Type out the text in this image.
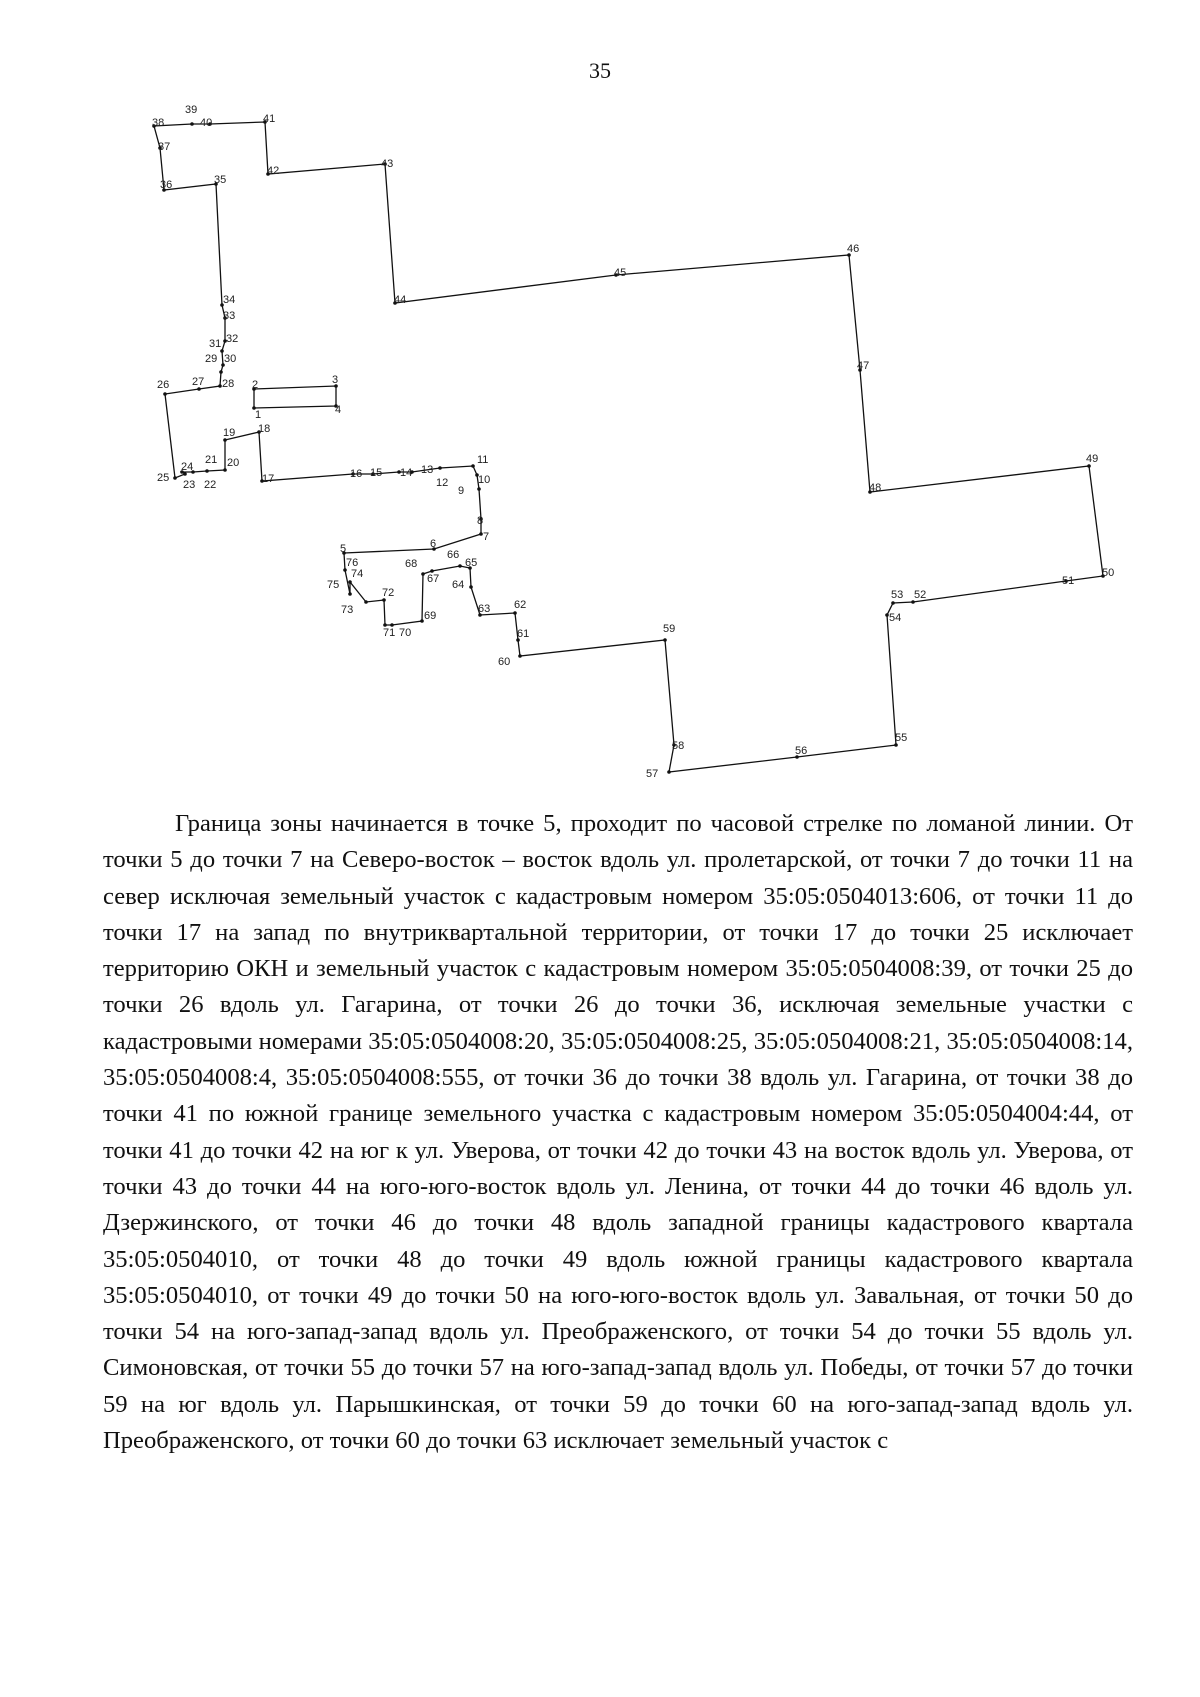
35
1
2	3
4
5	6
7
8
9
10
11
12
13
14
15
16
17
18
19
20
21
22
23
24
25
26 27 28
29 30
31 32
33
34
35
36
37
38
39
40	41
42
43
44
45
46
47
48
49
50
51
52
53
54
55
56
57
58
59
60
61
62
63
64
65
66
67
68
69
70
71
72
73
74
75
76

Граница зоны начинается в точке 5, проходит по часовой стрелке по ломаной линии. От точки 5 до точки 7 на Северо-восток – восток вдоль ул. пролетарской, от точки 7 до точки 11 на север исключая земельный участок с кадастровым номером 35:05:0504013:606, от точки 11 до точки 17 на запад по внутриквартальной территории, от точки 17 до точки 25 исключает территорию ОКН и земельный участок с кадастровым номером 35:05:0504008:39, от точки 25 до точки 26 вдоль ул. Гагарина, от точки 26 до точки 36, исключая земельные участки с кадастровыми номерами 35:05:0504008:20, 35:05:0504008:25, 35:05:0504008:21, 35:05:0504008:14, 35:05:0504008:4, 35:05:0504008:555, от точки 36 до точки 38 вдоль ул. Гагарина, от точки 38 до точки 41 по южной границе земельного участка с кадастровым номером 35:05:0504004:44, от точки 41 до точки 42 на юг к ул. Уверова, от точки 42 до точки 43 на восток вдоль ул. Уверова, от точки 43 до точки 44 на юго-юго-восток вдоль ул. Ленина, от точки 44 до точки 46 вдоль ул. Дзержинского, от точки 46 до точки 48 вдоль западной границы кадастрового квартала 35:05:0504010, от точки 48 до точки 49 вдоль южной границы кадастрового квартала 35:05:0504010, от точки 49 до точки 50 на юго-юго-восток вдоль ул. Завальная, от точки 50 до точки 54 на юго-запад-запад вдоль ул. Преображенского, от точки 54 до точки 55 вдоль ул. Симоновская, от точки 55 до точки 57 на юго-запад-запад вдоль ул. Победы, от точки 57 до точки 59 на юг вдоль ул. Парышкинская, от точки 59 до точки 60 на юго-запад-запад вдоль ул. Преображенского, от точки 60 до точки 63 исключает земельный участок с
